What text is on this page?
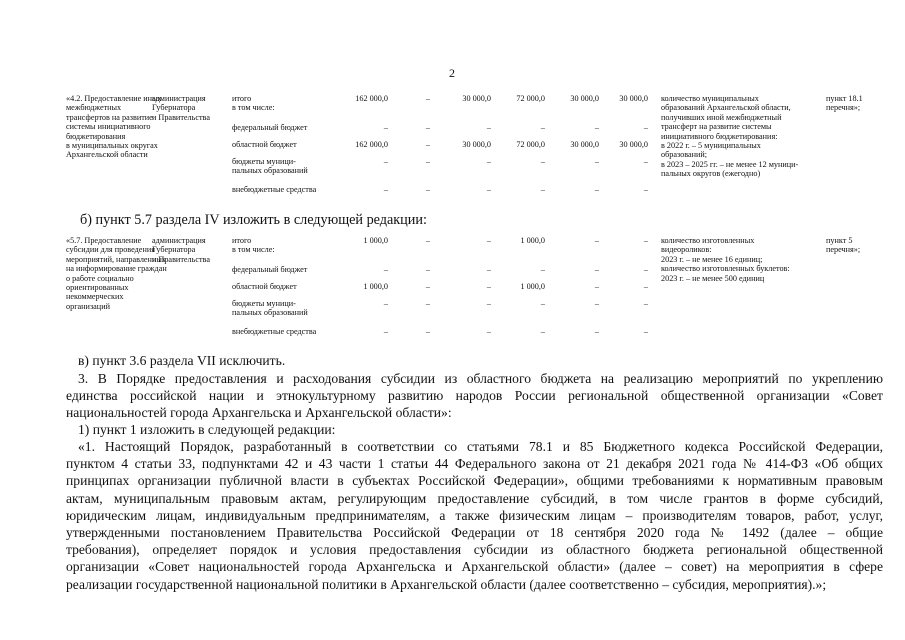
2
«4.2. Предоставление иных
межбюджетных
трансфертов на развитие
системы инициативного
бюджетирования
в муниципальных округах
Архангельской области
администрация
Губернатора
и Правительства
итого
в том числе:
162 000,0	–	30 000,0	72 000,0	30 000,0	30 000,0
федеральный бюджет	–	–	–	–	–	–
областной бюджет	162 000,0	–	30 000,0	72 000,0	30 000,0	30 000,0
бюджеты муници-
пальных образований
–	–	–	–	–	–
внебюджетные средства	–	–	–	–	–	–
количество муниципальных
образований Архангельской области,
получивших иной межбюджетный
трансферт на развитие системы
инициативного бюджетирования:
в 2022 г. – 5 муниципальных
образований;
в 2023 – 2025 гг. – не менее 12 муници-
пальных округов (ежегодно)
пункт 18.1
перечня»;
б) пункт 5.7 раздела IV изложить в следующей редакции:
«5.7. Предоставление
субсидии для проведения
мероприятий, направленных
на информирование граждан
о работе социально
ориентированных
некоммерческих
организаций
администрация
Губернатора
и Правительства
итого
в том числе:
1 000,0	–	–	1 000,0	–	–
федеральный бюджет	–	–	–	–	–	–
областной бюджет	1 000,0	–	–	1 000,0	–	–
бюджеты муници-
пальных образований
–	–	–	–	–	–
внебюджетные средства	–	–	–	–	–	–
количество изготовленных
видеороликов:
2023 г. – не менее 16 единиц;
количество изготовленных буклетов:
2023 г. – не менее 500 единиц
пункт 5
перечня»;
в) пункт 3.6 раздела VII исключить.
3. В Порядке предоставления и расходования субсидии из областного бюджета на реализацию мероприятий по укреплению
единства российской нации и этнокультурному развитию народов России региональной общественной организации «Совет
национальностей города Архангельска и Архангельской области»:
1) пункт 1 изложить в следующей редакции:
«1. Настоящий Порядок, разработанный в соответствии со статьями 78.1 и 85 Бюджетного кодекса Российской Федерации,
пунктом 4 статьи 33, подпунктами 42 и 43 части 1 статьи 44 Федерального закона от 21 декабря 2021 года № 414-ФЗ «Об общих
принципах организации публичной власти в субъектах Российской Федерации», общими требованиями к нормативным правовым
актам, муниципальным правовым актам, регулирующим предоставление субсидий, в том числе грантов в форме субсидий,
юридическим лицам, индивидуальным предпринимателям, а также физическим лицам – производителям товаров, работ, услуг,
утвержденными постановлением Правительства Российской Федерации от 18 сентября 2020 года № 1492 (далее – общие
требования), определяет порядок и условия предоставления субсидии из областного бюджета региональной общественной
организации «Совет национальностей города Архангельска и Архангельской области» (далее – совет) на мероприятия в сфере
реализации государственной национальной политики в Архангельской области (далее соответственно – субсидия, мероприятия).»;
